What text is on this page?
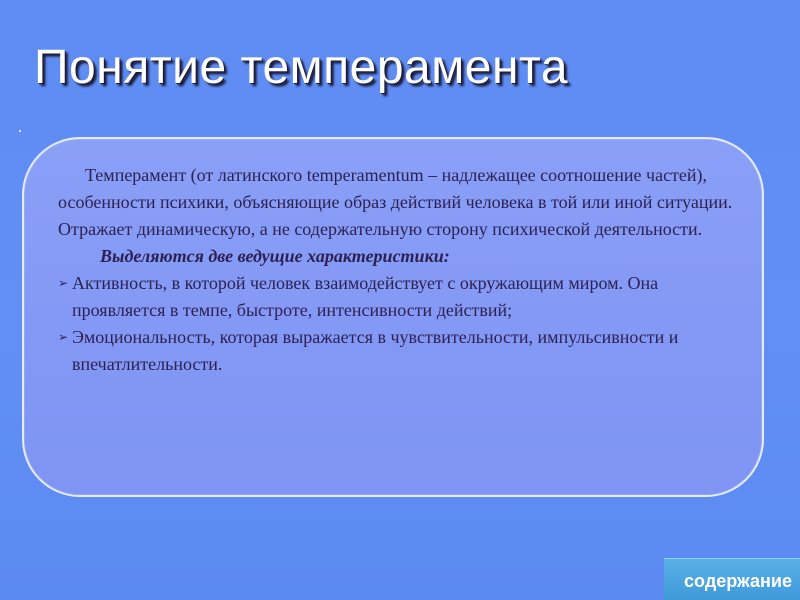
Понятие темперамента

Темперамент (от латинского temperamentum – надлежащее соотношение частей), особенности психики, объясняющие образ действий человека в той или иной ситуации. Отражает динамическую, а не содержательную сторону психической деятельности.

Выделяются две ведущие характеристики:

➢ Активность, в которой человек взаимодействует с окружающим миром. Она проявляется в темпе, быстроте, интенсивности действий;
➢ Эмоциональность, которая выражается в чувствительности, импульсивности и впечатлительности.
содержание
